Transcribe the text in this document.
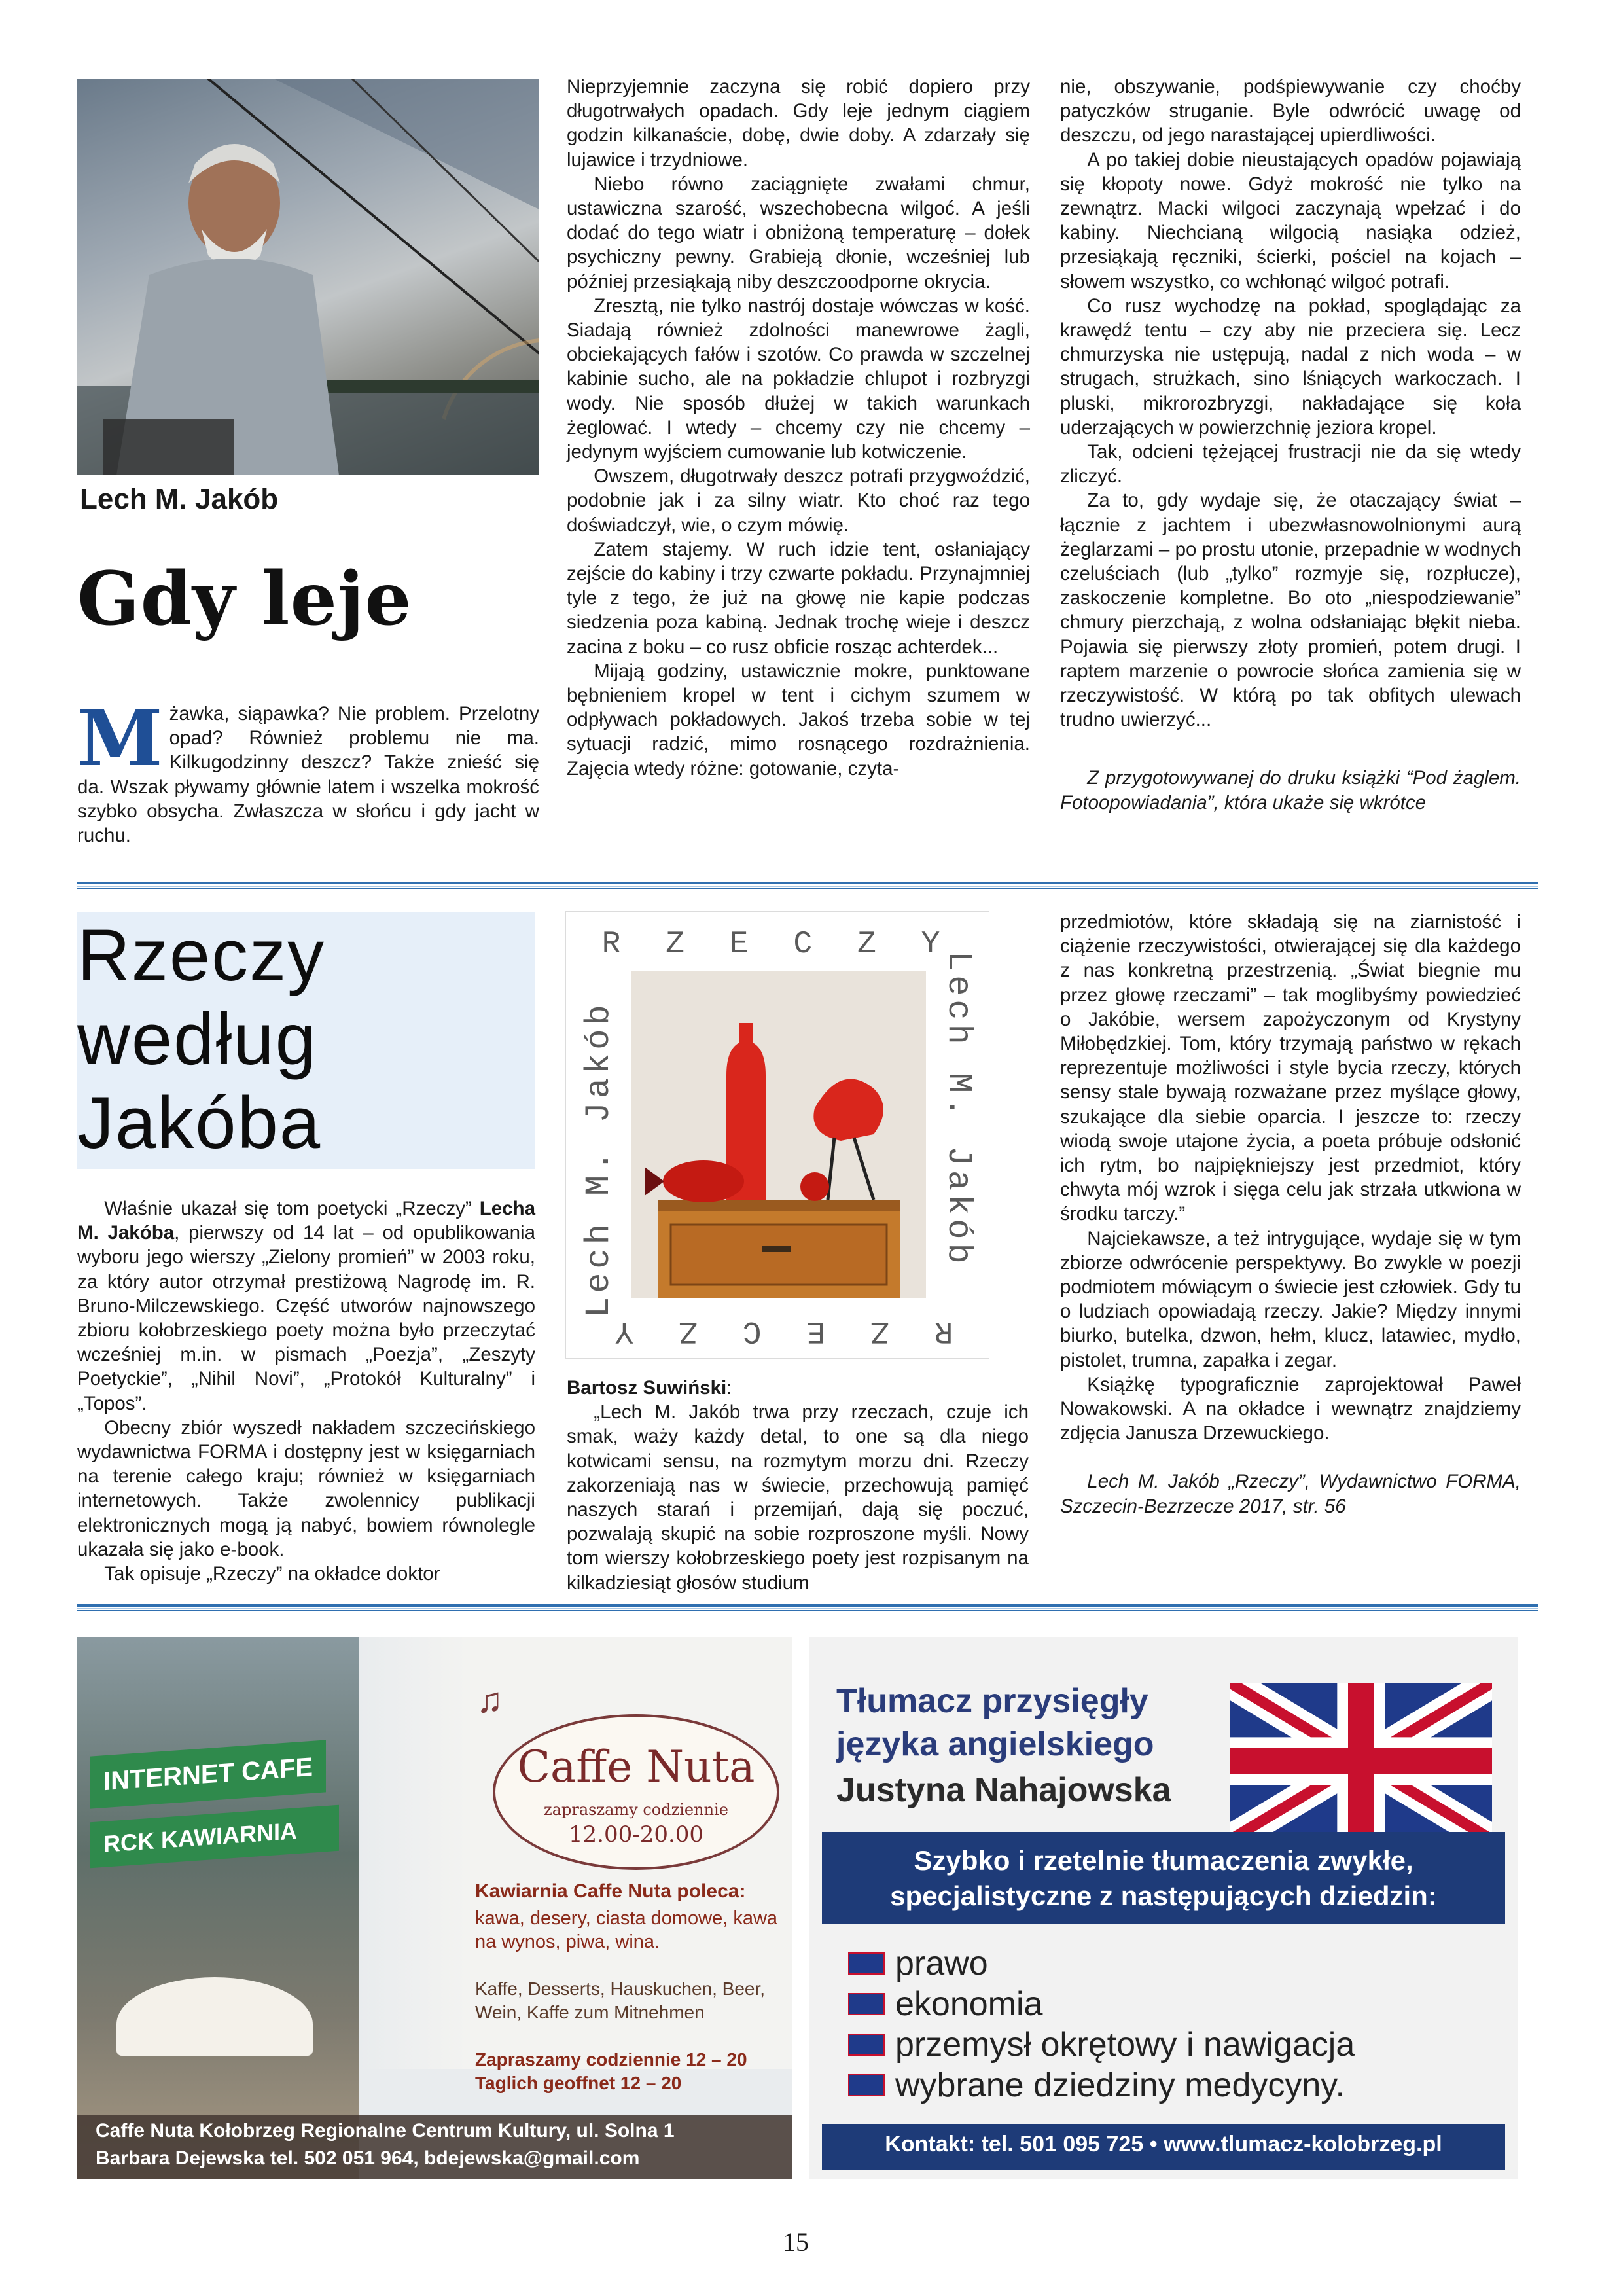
Lech M. Jakób
Gdy leje
M żawka, siąpawka? Nie problem. Przelotny opad? Również problemu nie ma. Kilkugodzinny deszcz? Także znieść się da. Wszak pływamy głównie latem i wszelka mokrość szybko obsycha. Zwłaszcza w słońcu i gdy jacht w ruchu.

Nieprzyjemnie zaczyna się robić dopiero przy długotrwałych opadach. Gdy leje jednym ciągiem godzin kilkanaście, dobę, dwie doby. A zdarzały się lujawice i trzydniowe.

Niebo równo zaciągnięte zwałami chmur, ustawiczna szarość, wszechobecna wilgoć. A jeśli dodać do tego wiatr i obniżoną temperaturę – dołek psychiczny pewny. Grabieją dłonie, wcześniej lub później przesiąkają niby deszczoodporne okrycia.

Zresztą, nie tylko nastrój dostaje wówczas w kość. Siadają również zdolności manewrowe żagli, obciekających fałów i szotów. Co prawda w szczelnej kabinie sucho, ale na pokładzie chlupot i rozbryzgi wody. Nie sposób dłużej w takich warunkach żeglować. I wtedy – chcemy czy nie chcemy – jedynym wyjściem cumowanie lub kotwiczenie.

Owszem, długotrwały deszcz potrafi przygwoździć, podobnie jak i za silny wiatr. Kto choć raz tego doświadczył, wie, o czym mówię.

Zatem stajemy. W ruch idzie tent, osłaniający zejście do kabiny i trzy czwarte pokładu. Przynajmniej tyle z tego, że już na głowę nie kapie podczas siedzenia poza kabiną. Jednak trochę wieje i deszcz zacina z boku – co rusz obficie rosząc achterdek...

Mijają godziny, ustawicznie mokre, punktowane bębnieniem kropel w tent i cichym szumem w odpływach pokładowych. Jakoś trzeba sobie w tej sytuacji radzić, mimo rosnącego rozdrażnienia. Zajęcia wtedy różne: gotowanie, czyta-

nie, obszywanie, podśpiewywanie czy choćby patyczków struganie. Byle odwrócić uwagę od deszczu, od jego narastającej upierdliwości.

A po takiej dobie nieustających opadów pojawiają się kłopoty nowe. Gdyż mokrość nie tylko na zewnątrz. Macki wilgoci zaczynają wpełzać i do kabiny. Niechcianą wilgocią nasiąka odzież, przesiąkają ręczniki, ścierki, pościel na kojach – słowem wszystko, co wchłonąć wilgoć potrafi.

Co rusz wychodzę na pokład, spoglądając za krawędź tentu – czy aby nie przeciera się. Lecz chmurzyska nie ustępują, nadal z nich woda – w strugach, strużkach, sino lśniących warkoczach. I pluski, mikrorozbryzgi, nakładające się koła uderzających w powierzchnię jeziora kropel.

Tak, odcieni tężejącej frustracji nie da się wtedy zliczyć.

Za to, gdy wydaje się, że otaczający świat – łącznie z jachtem i ubezwłasnowolnionymi aurą żeglarzami – po prostu utonie, przepadnie w wodnych czeluściach (lub „tylko” rozmyje się, rozpłucze), zaskoczenie kompletne. Bo oto „niespodziewanie” chmury pierzchają, z wolna odsłaniając błękit nieba. Pojawia się pierwszy złoty promień, potem drugi. I raptem marzenie o powrocie słońca zamienia się w rzeczywistość. W którą po tak obfitych ulewach trudno uwierzyć...

Z przygotowywanej do druku książki “Pod żaglem. Fotoopowiadania”, która ukaże się wkrótce

Rzeczy
według
Jakóba

Właśnie ukazał się tom poetycki „Rzeczy” Lecha M. Jakóba, pierwszy od 14 lat – od opublikowania wyboru jego wierszy „Zielony promień” w 2003 roku, za który autor otrzymał prestiżową Nagrodę im. R. Bruno-Milczewskiego. Część utworów najnowszego zbioru kołobrzeskiego poety można było przeczytać wcześniej m.in. w pismach „Poezja”, „Zeszyty Poetyckie”, „Nihil Novi”, „Protokół Kulturalny” i „Topos”.

Obecny zbiór wyszedł nakładem szczecińskiego wydawnictwa FORMA i dostępny jest w księgarniach na terenie całego kraju; również w księgarniach internetowych. Także zwolennicy publikacji elektronicznych mogą ją nabyć, bowiem równolegle ukazała się jako e-book.

Tak opisuje „Rzeczy” na okładce doktor

R Z E C Z Y
R Z E C Z Y
Lech M. Jakób	Lech M. Jakób

Bartosz Suwiński:

„Lech M. Jakób trwa przy rzeczach, czuje ich smak, waży każdy detal, to one są dla niego kotwicami sensu, na rozmytym morzu dni. Rzeczy zakorzeniają nas w świecie, przechowują pamięć naszych starań i przemijań, dają się poczuć, pozwalają skupić na sobie rozproszone myśli. Nowy tom wierszy kołobrzeskiego poety jest rozpisanym na kilkadziesiąt głosów studium

przedmiotów, które składają się na ziarnistość i ciążenie rzeczywistości, otwierającej się dla każdego z nas konkretną przestrzenią. „Świat biegnie mu przez głowę rzeczami” – tak moglibyśmy powiedzieć o Jakóbie, wersem zapożyczonym od Krystyny Miłobędzkiej. Tom, który trzymają państwo w rękach reprezentuje możliwości i style bycia rzeczy, których sensy stale bywają rozważane przez myślące głowy, szukające dla siebie oparcia. I jeszcze to: rzeczy wiodą swoje utajone życia, a poeta próbuje odsłonić ich rytm, bo najpiękniejszy jest przedmiot, który chwyta mój wzrok i sięga celu jak strzała utkwiona w środku tarczy.”

Najciekawsze, a też intrygujące, wydaje się w tym zbiorze odwrócenie perspektywy. Bo zwykle w poezji podmiotem mówiącym o świecie jest człowiek. Gdy tu o ludziach opowiadają rzeczy. Jakie? Między innymi biurko, butelka, dzwon, hełm, klucz, latawiec, mydło, pistolet, trumna, zapałka i zegar.

Książkę typograficznie zaprojektował Paweł Nowakowski. A na okładce i wewnątrz znajdziemy zdjęcia Janusza Drzewuckiego.

Lech M. Jakób „Rzeczy”, Wydawnictwo FORMA, Szczecin-Bezrzecze 2017, str. 56

INTERNET CAFE
RCK KAWIARNIA
Caffe Nuta
zapraszamy codziennie
12.00-20.00
♫
Kawiarnia Caffe Nuta poleca:
kawa, desery, ciasta domowe, kawa na wynos, piwa, wina.
Kaffe, Desserts, Hauskuchen, Beer, Wein, Kaffe zum Mitnehmen
Zapraszamy codziennie 12 – 20
Taglich geoffnet 12 – 20
Caffe Nuta Kołobrzeg Regionalne Centrum Kultury, ul. Solna 1
Barbara Dejewska tel. 502 051 964, bdejewska@gmail.com
Tłumacz przysięgły
języka angielskiego
Justyna Nahajowska
Szybko i rzetelnie tłumaczenia zwykłe,
specjalistyczne z następujących dziedzin:
prawo
ekonomia
przemysł okrętowy i nawigacja
wybrane dziedziny medycyny.
Kontakt: tel. 501 095 725 • www.tlumacz-kolobrzeg.pl
15
